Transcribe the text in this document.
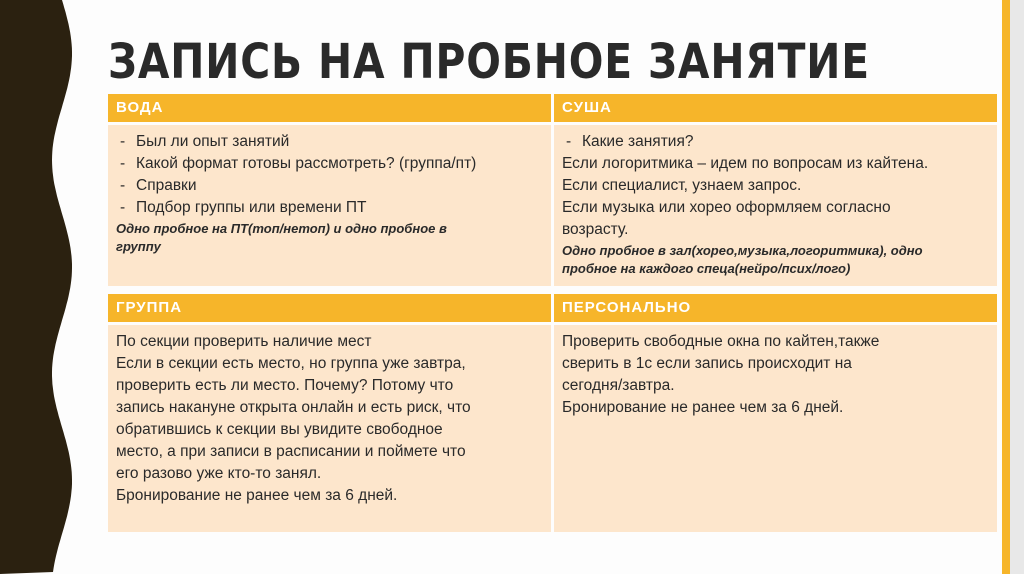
ЗАПИСЬ НА ПРОБНОЕ ЗАНЯТИЕ
ВОДА
- Был ли опыт занятий
- Какой формат готовы рассмотреть? (группа/пт)
- Справки
- Подбор группы или времени ПТ
Одно пробное на ПТ(топ/нетоп) и одно пробное в
группу
СУША
- Какие занятия?
Если логоритмика – идем по вопросам из кайтена.
Если специалист, узнаем запрос.
Если музыка или хорео оформляем согласно
возрасту.
Одно пробное в зал(хорео,музыка,логоритмика), одно
пробное на каждого спеца(нейро/псих/лого)
ГРУППА
По секции проверить наличие мест
Если в секции есть место, но группа уже завтра,
проверить есть ли место. Почему? Потому что
запись накануне открыта онлайн и есть риск, что
обратившись к секции вы увидите свободное
место, а при записи в расписании и поймете что
его разово уже кто-то занял.
Бронирование не ранее чем за 6 дней.
ПЕРСОНАЛЬНО
Проверить свободные окна по кайтен,также
сверить в 1с если запись происходит на
сегодня/завтра.
Бронирование не ранее чем за 6 дней.
